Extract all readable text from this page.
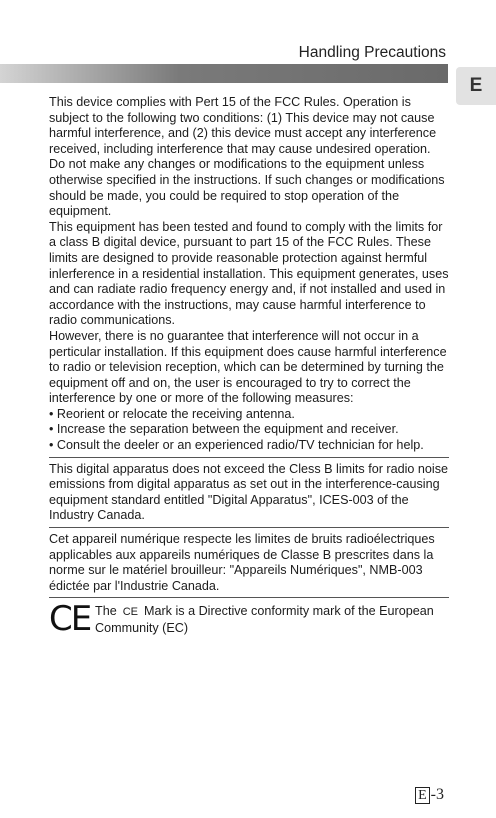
Handling Precautions
E

This device complies with Pert 15 of the FCC Rules. Operation is subject to the following two conditions: (1) This device may not cause harmful interference, and (2) this device must accept any interference received, including interference that may cause undesired operation.

Do not make any changes or modifications to the equipment unless otherwise specified in the instructions. If such changes or modifications should be made, you could be required to stop operation of the equipment.

This equipment has been tested and found to comply with the limits for a class B digital device, pursuant to part 15 of the FCC Rules. These limits are designed to provide reasonable protection against hermful inlerference in a residential installation. This equipment generates, uses and can radiate radio frequency energy and, if not installed and used in accordance with the instructions, may cause harmful interference to radio communications.

However, there is no guarantee that interference will not occur in a perticular installation. If this equipment does cause harmful interference to radio or television reception, which can be determined by turning the equipment off and on, the user is encouraged to try to correct the interference by one or more of the following measures:

• Reorient or relocate the receiving antenna.

• Increase the separation between the equipment and receiver.

• Consult the deeler or an experienced radio/TV technician for help.

This digital apparatus does not exceed the Cless B limits for radio noise emissions from digital apparatus as set out in the interference-causing equipment standard entitled "Digital Apparatus", ICES-003 of the Industry Canada.

Cet appareil numérique respecte les limites de bruits radioélectriques applicables aux appareils numériques de Classe B prescrites dans la norme sur le matériel brouilleur: "Appareils Numériques", NMB-003 édictée par l'Industrie Canada.

CE The CE Mark is a Directive conformity mark of the European Community (EC)
E -3
